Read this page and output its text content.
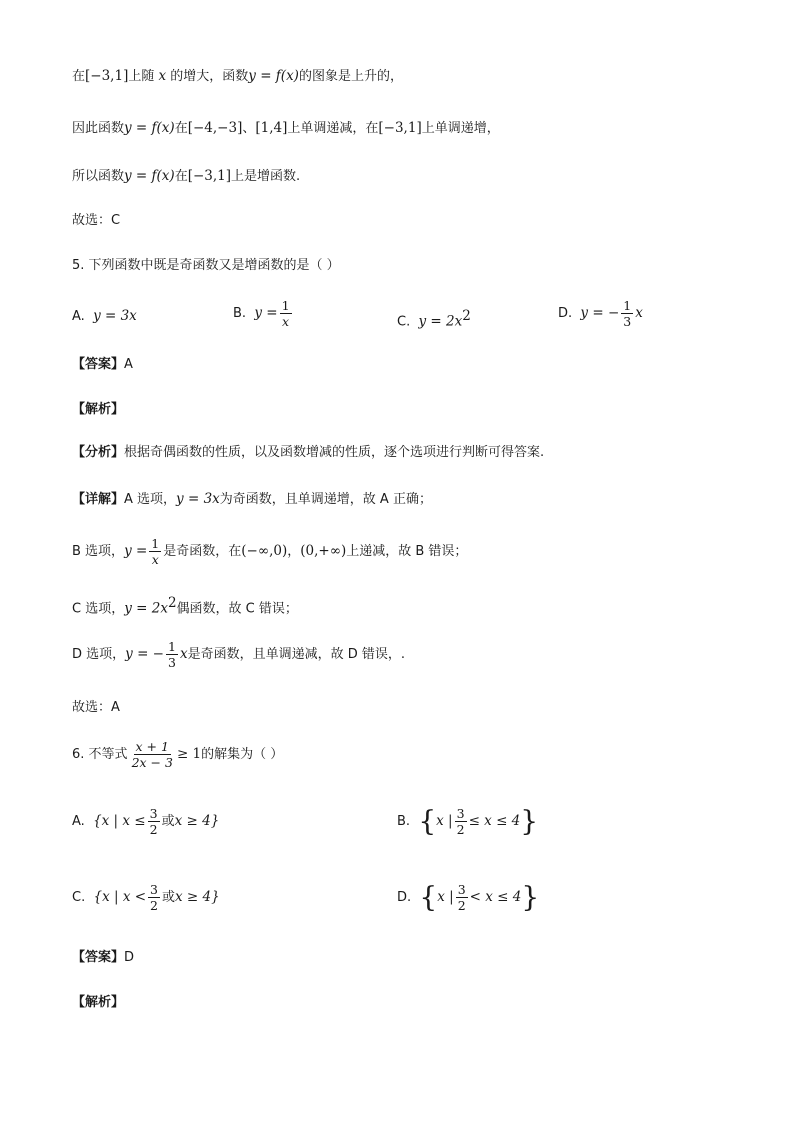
在[−3,1]上随 x 的增大，函数y = f(x)的图象是上升的，
因此函数y = f(x)在[−4,−3]、[1,4]上单调递减，在[−3,1]上单调递增，
所以函数y = f(x)在[−3,1]上是增函数.
故选：C
5. 下列函数中既是奇函数又是增函数的是（ ）
A. y = 3x	B. $y = \frac{1}{x}$	C. $y = 2x^2$	D. y = − $\frac{1}{3}$ x
【答案】A
【解析】
【分析】根据奇偶函数的性质，以及函数增减的性质，逐个选项进行判断可得答案.
【详解】A 选项，y = 3x为奇函数，且单调递增，故 A 正确；
B 选项，$y = \frac{1}{x}$ 是奇函数，在(−∞,0)，(0,+∞)上递减，故 B 错误；
C 选项，$y = 2x^2$偶函数，故 C 错误；
D 选项，y = − $\frac{1}{3}$ x是奇函数，且单调递减，故 D 错误，.
故选：A
6. 不等式 $\frac{x + 1}{2x - 3} \ge 1$的解集为（ ）
A. {x | $x \le \frac{3}{2}$ 或x ≥ 4}	B. {x | $\frac{3}{2} \le x \le 4$}
C. {x | $x < \frac{3}{2}$ 或x ≥ 4}	D. {x | $\frac{3}{2} < x \le 4$}
【答案】D
【解析】
